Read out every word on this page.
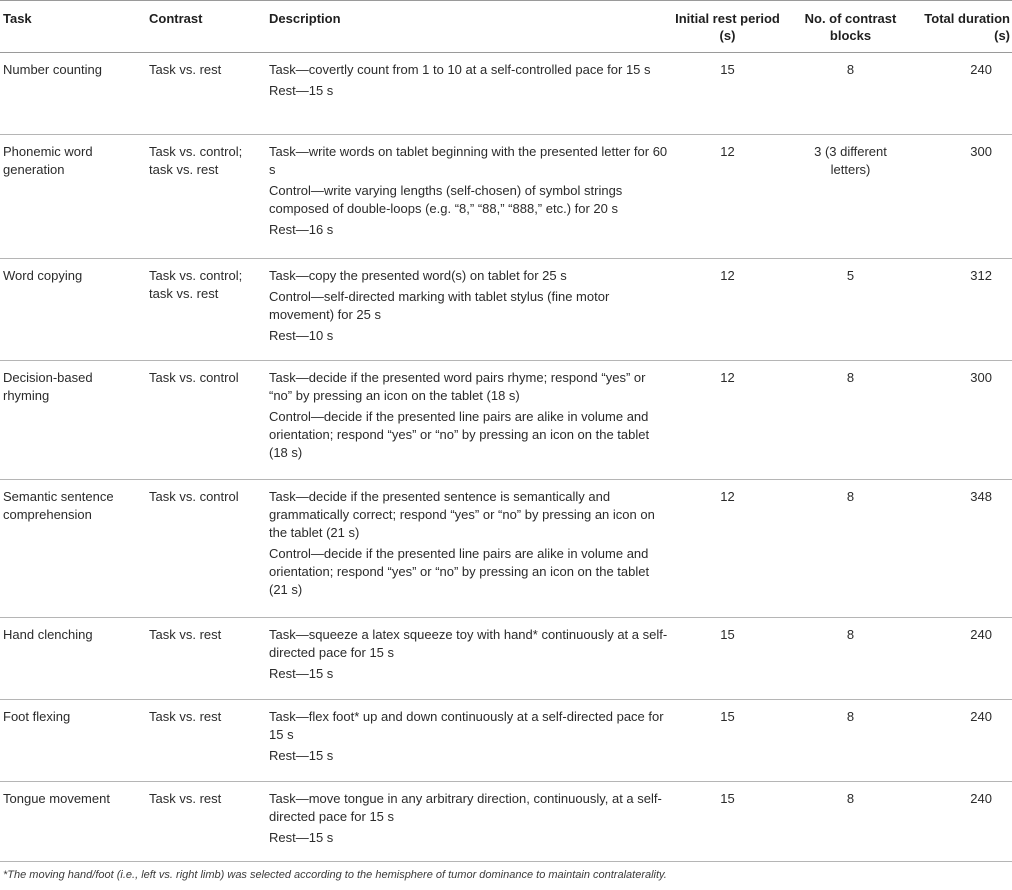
Task	Contrast	Description	Initial rest period (s)	No. of contrast blocks	Total duration (s)
Number counting	Task vs. rest	Task—covertly count from 1 to 10 at a self-controlled pace for 15 s
Rest—15 s	15	8	240
Phonemic word generation	Task vs. control; task vs. rest	Task—write words on tablet beginning with the presented letter for 60 s
Control—write varying lengths (self-chosen) of symbol strings composed of double-loops (e.g. “8,” “88,” “888,” etc.) for 20 s
Rest—16 s	12	3 (3 different letters)	300
Word copying	Task vs. control; task vs. rest	Task—copy the presented word(s) on tablet for 25 s
Control—self-directed marking with tablet stylus (fine motor movement) for 25 s
Rest—10 s	12	5	312
Decision-based rhyming	Task vs. control	Task—decide if the presented word pairs rhyme; respond “yes” or “no” by pressing an icon on the tablet (18 s)
Control—decide if the presented line pairs are alike in volume and orientation; respond “yes” or “no” by pressing an icon on the tablet (18 s)	12	8	300
Semantic sentence comprehension	Task vs. control	Task—decide if the presented sentence is semantically and grammatically correct; respond “yes” or “no” by pressing an icon on the tablet (21 s)
Control—decide if the presented line pairs are alike in volume and orientation; respond “yes” or “no” by pressing an icon on the tablet (21 s)	12	8	348
Hand clenching	Task vs. rest	Task—squeeze a latex squeeze toy with hand* continuously at a self-directed pace for 15 s
Rest—15 s	15	8	240
Foot flexing	Task vs. rest	Task—flex foot* up and down continuously at a self-directed pace for 15 s
Rest—15 s	15	8	240
Tongue movement	Task vs. rest	Task—move tongue in any arbitrary direction, continuously, at a self-directed pace for 15 s
Rest—15 s	15	8	240
*The moving hand/foot (i.e., left vs. right limb) was selected according to the hemisphere of tumor dominance to maintain contralaterality.
